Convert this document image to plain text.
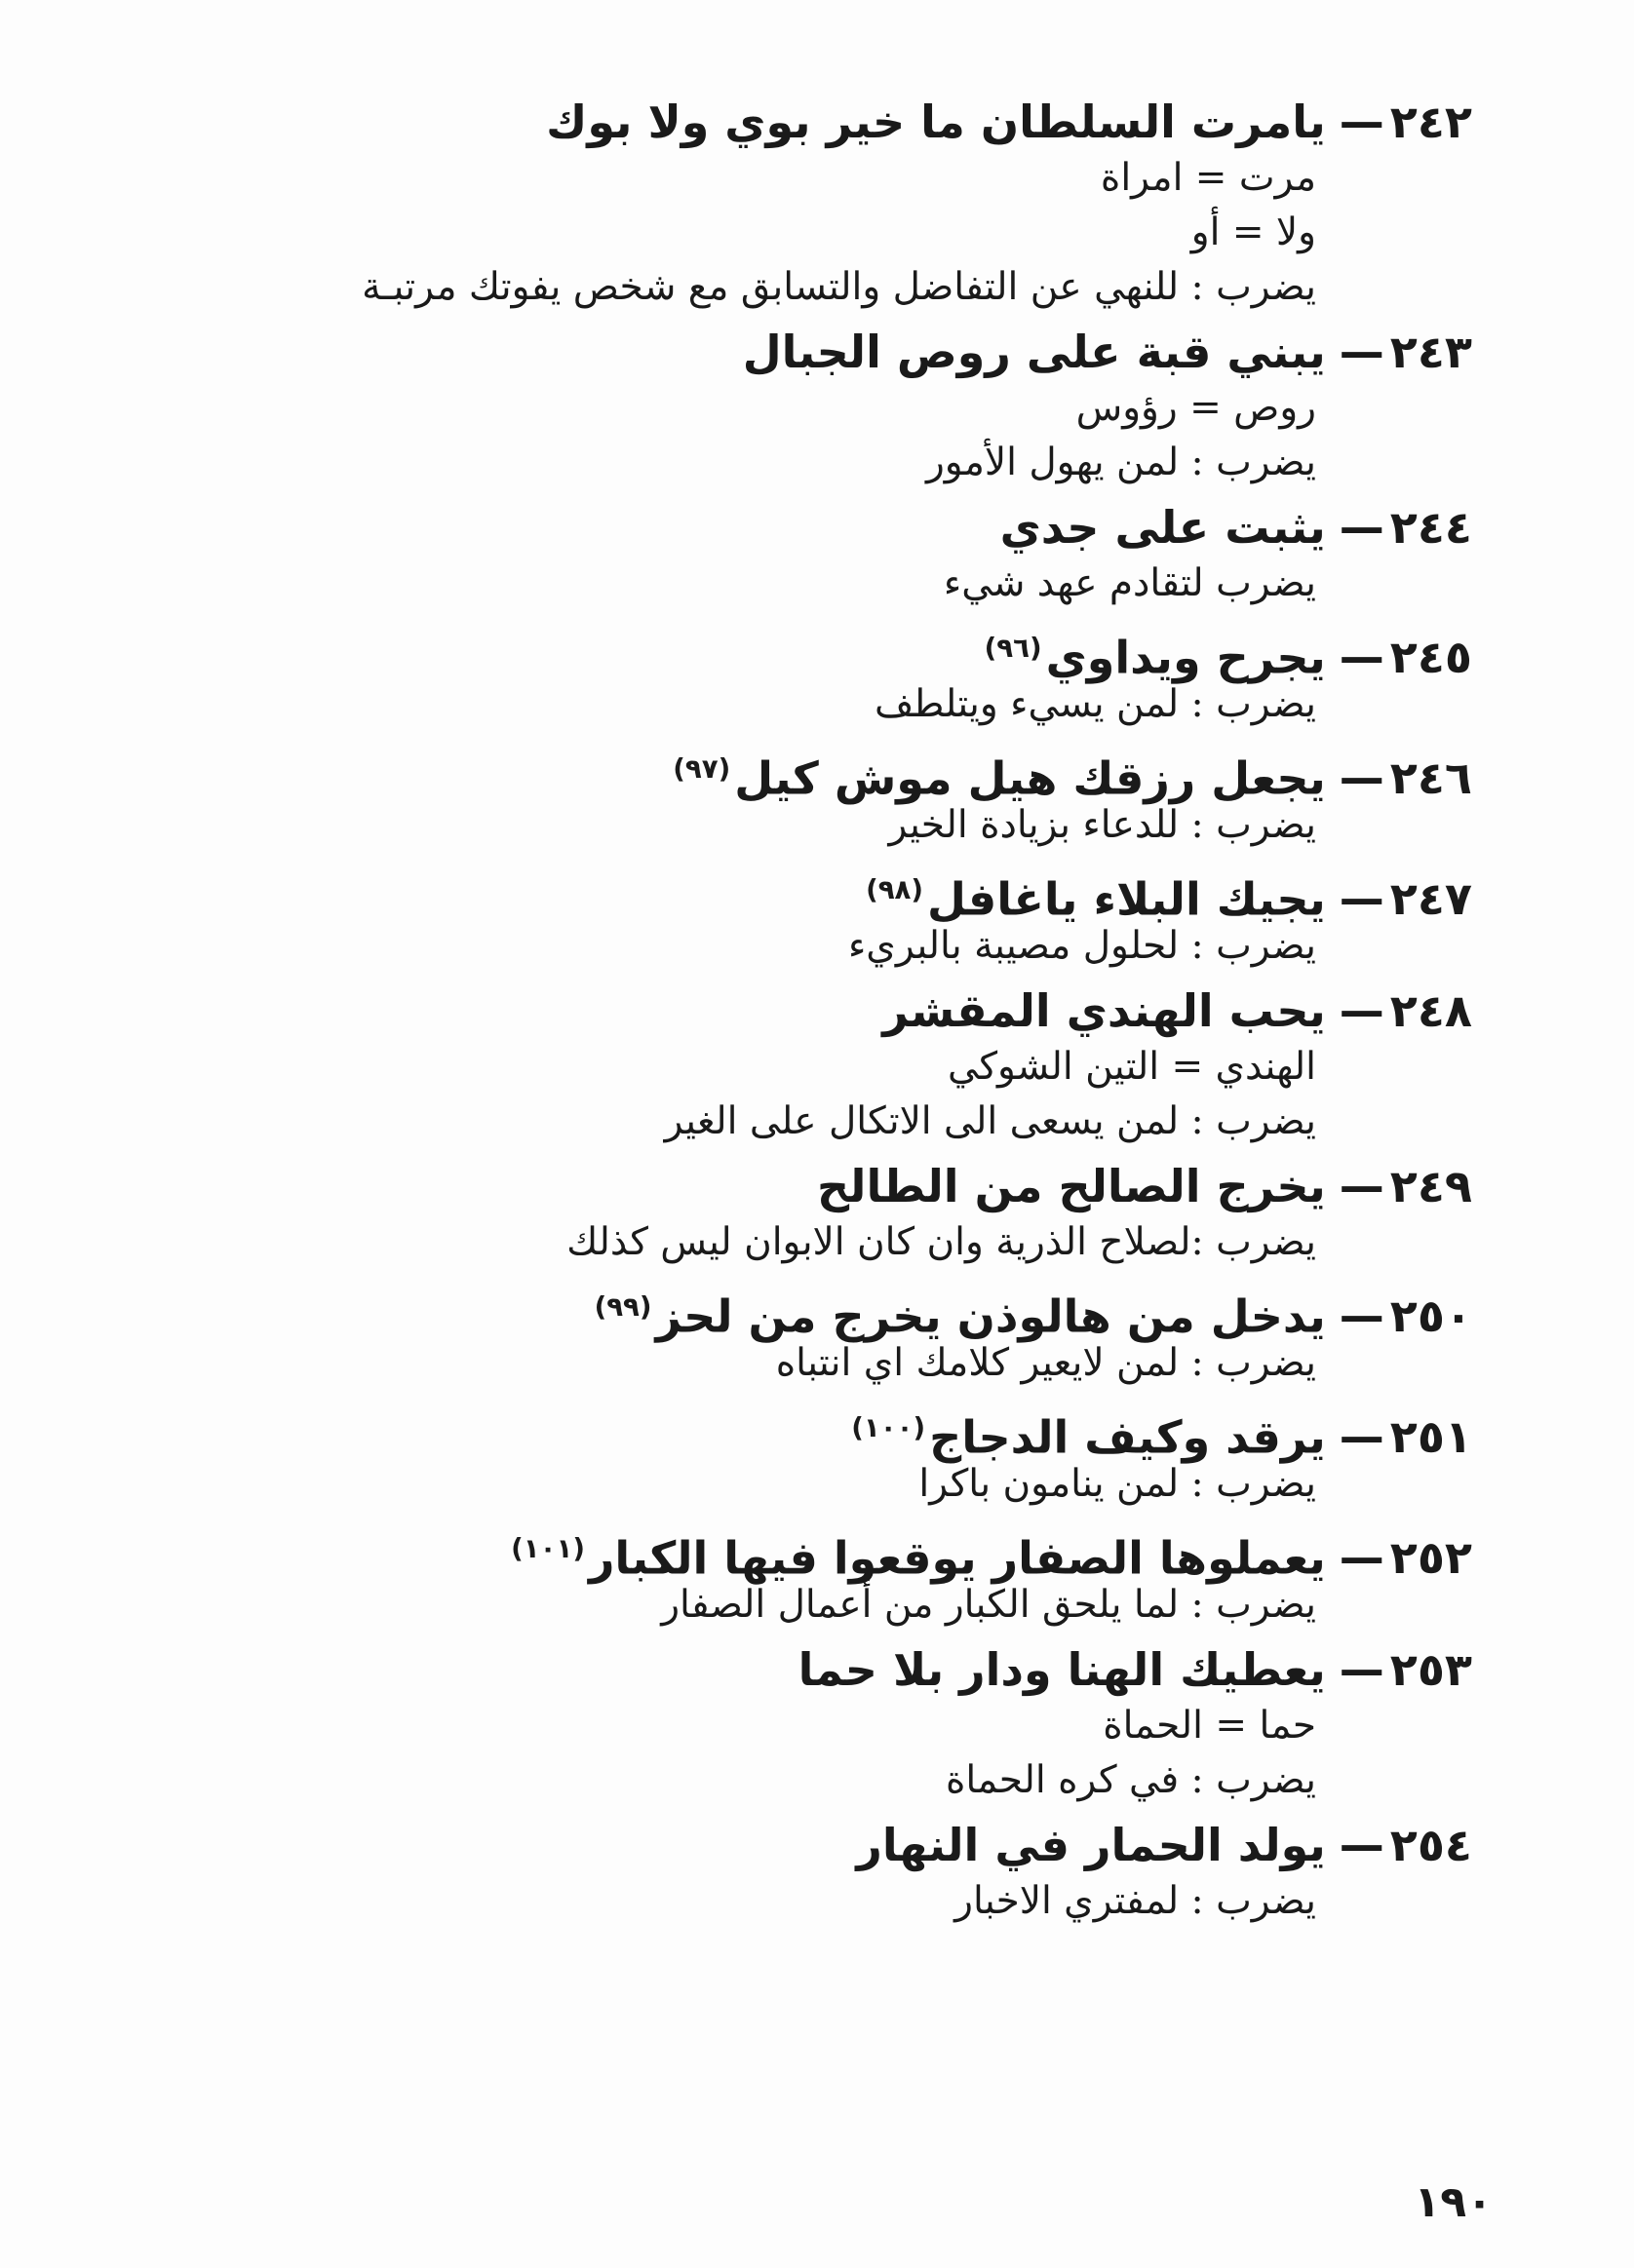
٢٤٢—يامرت السلطان ما خير بوي ولا بوك
مرت = امراة
ولا = أو
يضرب : للنهي عن التفاضل والتسابق مع شخص يفوتك مرتبـة
٢٤٣—يبني قبة على روص الجبال
روص = رؤوس
يضرب : لمن يهول الأمور
٢٤٤—يثبت على جدي
يضرب لتقادم عهد شيء
٢٤٥—يجرح ويداوي$^{(٩٦)}$
يضرب : لمن يسيء ويتلطف
٢٤٦—يجعل رزقك هيل موش كيل$^{(٩٧)}$
يضرب : للدعاء بزيادة الخير
٢٤٧—يجيك البلاء ياغافل$^{(٩٨)}$
يضرب : لحلول مصيبة بالبريء
٢٤٨—يحب الهندي المقشر
الهندي = التين الشوكي
يضرب : لمن يسعى الى الاتكال على الغير
٢٤٩—يخرج الصالح من الطالح
يضرب :لصلاح الذرية وان كان الابوان ليس كذلك
٢٥٠—يدخل من هالوذن يخرج من لحز$^{(٩٩)}$
يضرب : لمن لايعير كلامك اي انتباه
٢٥١—يرقد وكيف الدجاج$^{(١٠٠)}$
يضرب : لمن ينامون باكرا
٢٥٢—يعملوها الصفار يوقعوا فيها الكبار$^{(١٠١)}$
يضرب : لما يلحق الكبار من أعمال الصفار
٢٥٣—يعطيك الهنا ودار بلا حما
حما = الحماة
يضرب : في كره الحماة
٢٥٤—يولد الحمار في النهار
يضرب : لمفتري الاخبار
١٩٠
